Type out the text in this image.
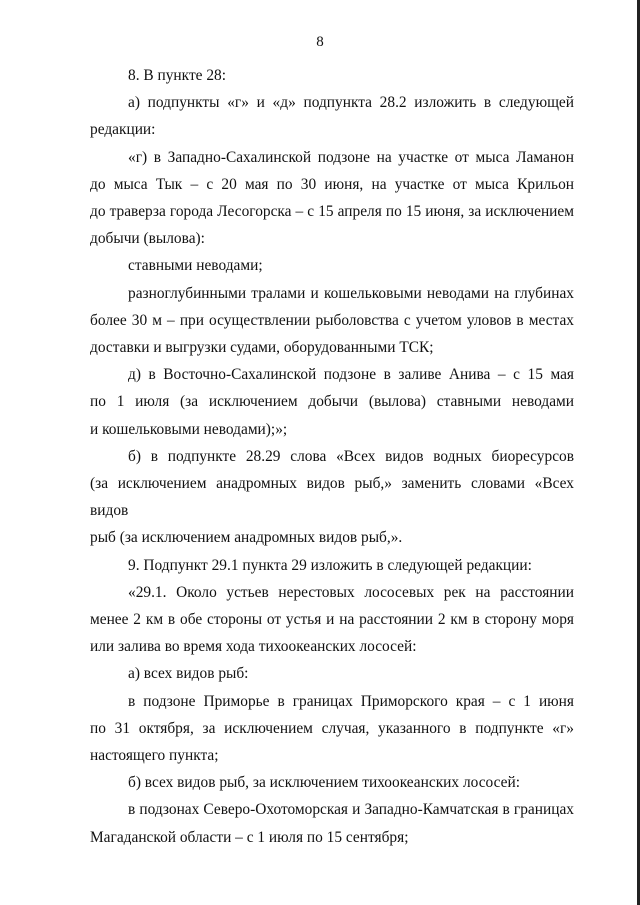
8
8. В пункте 28:
а) подпункты «г» и «д» подпункта 28.2 изложить в следующей
редакции:
«г) в Западно-Сахалинской подзоне на участке от мыса Ламанон
до мыса Тык – с 20 мая по 30 июня, на участке от мыса Крильон
до траверза города Лесогорска – с 15 апреля по 15 июня, за исключением
добычи (вылова):
ставными неводами;
разноглубинными тралами и кошельковыми неводами на глубинах
более 30 м – при осуществлении рыболовства с учетом уловов в местах
доставки и выгрузки судами, оборудованными ТСК;
д) в Восточно-Сахалинской подзоне в заливе Анива – с 15 мая
по 1 июля (за исключением добычи (вылова) ставными неводами
и кошельковыми неводами);»;
б) в подпункте 28.29 слова «Всех видов водных биоресурсов
(за исключением анадромных видов рыб,» заменить словами «Всех видов
рыб (за исключением анадромных видов рыб,».
9. Подпункт 29.1 пункта 29 изложить в следующей редакции:
«29.1. Около устьев нерестовых лососевых рек на расстоянии
менее 2 км в обе стороны от устья и на расстоянии 2 км в сторону моря
или залива во время хода тихоокеанских лососей:
а) всех видов рыб:
в подзоне Приморье в границах Приморского края – с 1 июня
по 31 октября, за исключением случая, указанного в подпункте «г»
настоящего пункта;
б) всех видов рыб, за исключением тихоокеанских лососей:
в подзонах Северо-Охотоморская и Западно-Камчатская в границах
Магаданской области – с 1 июля по 15 сентября;
